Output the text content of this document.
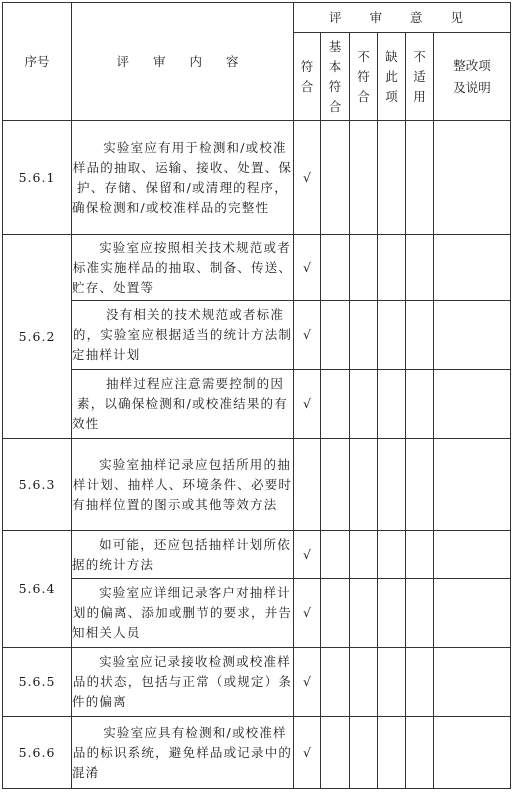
序号	评 审 内 容	评 审 意 见					
		符合	基本符合	不符合	缺此项	不适用	整改项及说明
5.6.1	实验室应有用于检测和/或校准样品的抽取、运输、接收、处置、保护、存储、保留和/或清理的程序，确保检测和/或校准样品的完整性	√					
5.6.2	实验室应按照相关技术规范或者标准实施样品的抽取、制备、传送、贮存、处置等	√					

	没有相关的技术规范或者标准的，实验室应根据适当的统计方法制定抽样计划	√					

	抽样过程应注意需要控制的因素，以确保检测和/或校准结果的有效性	√					
5.6.3	实验室抽样记录应包括所用的抽样计划、抽样人、环境条件、必要时有抽样位置的图示或其他等效方法						

5.6.4	如可能，还应包括抽样计划所依据的统计方法	√					

	实验室应详细记录客户对抽样计划的偏离、添加或删节的要求，并告知相关人员	√					
5.6.5	实验室应记录接收检测或校准样品的状态，包括与正常（或规定）条件的偏离	√					
5.6.6	实验室应具有检测和/或校准样品的标识系统，避免样品或记录中的混淆	√					
